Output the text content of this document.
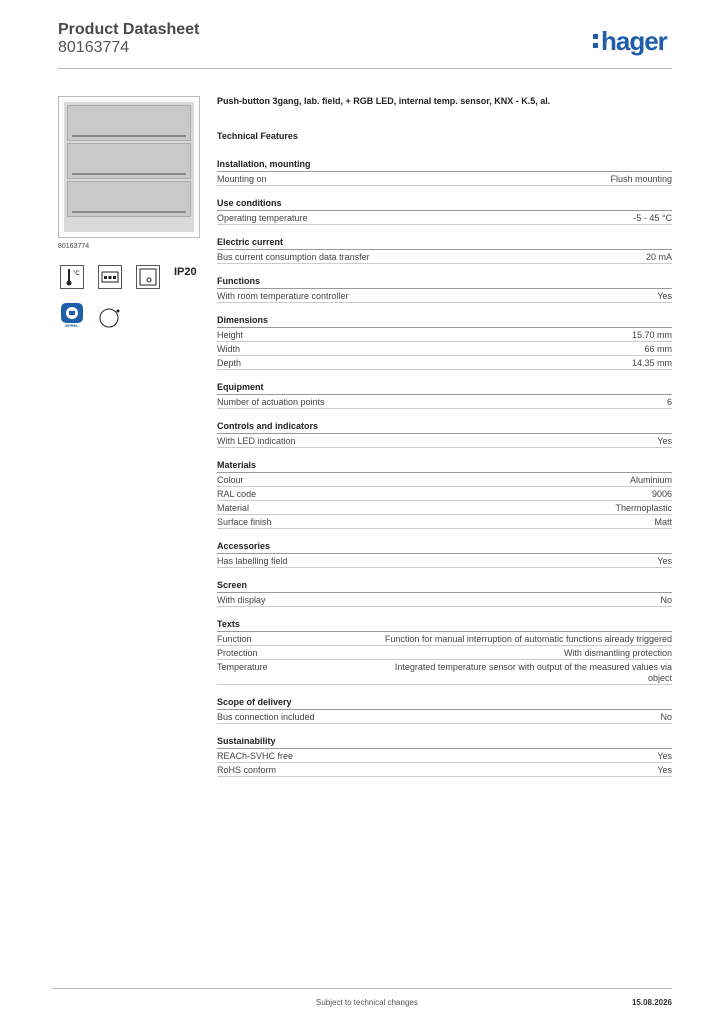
Product Datasheet
80163774	hager
80163774
°C	IP20
EPREL
Push-button 3gang, lab. field, + RGB LED, internal temp. sensor, KNX - K.5, al.
Technical Features
Installation, mounting
Mounting on	Flush mounting
Use conditions
Operating temperature	-5 - 45 °C
Electric current
Bus current consumption data transfer	20 mA
Functions
With room temperature controller	Yes
Dimensions
Height	15.70 mm
Width	66 mm
Depth	14.35 mm
Equipment
Number of actuation points	6
Controls and indicators
With LED indication	Yes
Materials
Colour	Aluminium
RAL code	9006
Material	Thermoplastic
Surface finish	Matt
Accessories
Has labelling field	Yes
Screen
With display	No
Texts
Function	Function for manual interruption of automatic functions already triggered
Protection	With dismantling protection
Temperature	Integrated temperature sensor with output of the measured values via object
Scope of delivery
Bus connection included	No
Sustainability
REACh-SVHC free	Yes
RoHS conform	Yes
Subject to technical changes	15.08.2026
